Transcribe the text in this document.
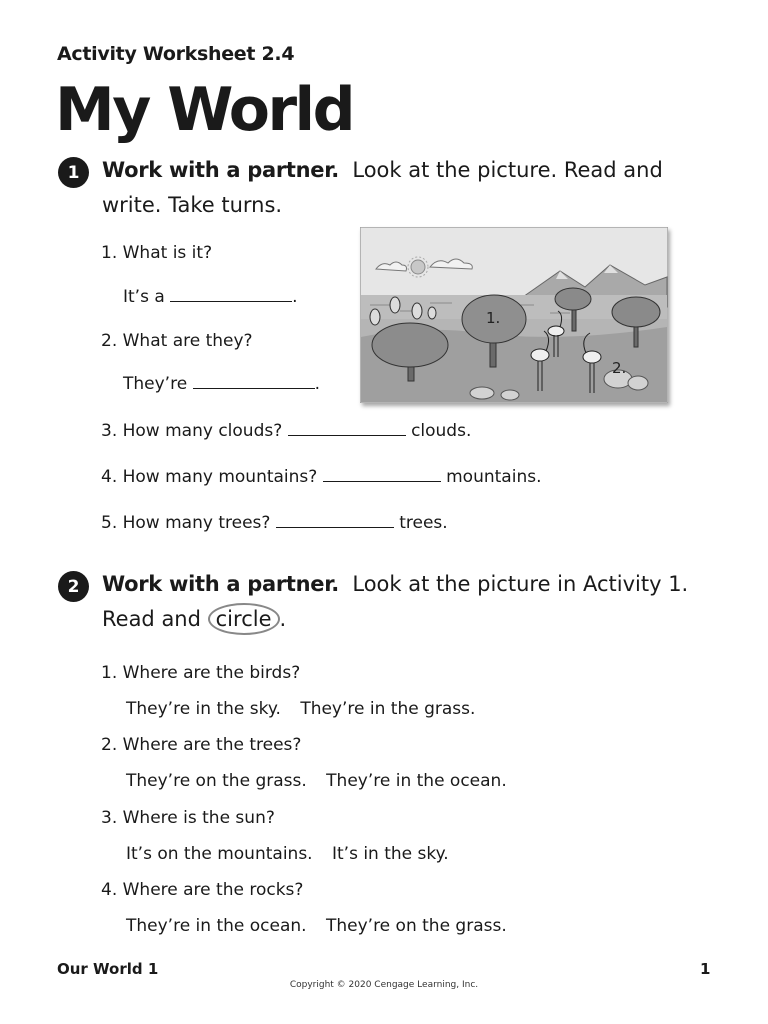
Activity Worksheet 2.4
My World
1	Work with a partner. Look at the picture. Read and write. Take turns.
1. What is it?
It’s a	.
2. What are they?
They’re	.
3. How many clouds?	clouds.
4. How many mountains?	mountains.
5. How many trees?	trees.
1.
2.
2	Work with a partner. Look at the picture in Activity 1.
Read and circle .
1. Where are the birds?
They’re in the sky. They’re in the grass.
2. Where are the trees?
They’re on the grass. They’re in the ocean.
3. Where is the sun?
It’s on the mountains. It’s in the sky.
4. Where are the rocks?
They’re in the ocean. They’re on the grass.
Our World 1	1
Copyright © 2020 Cengage Learning, Inc.
